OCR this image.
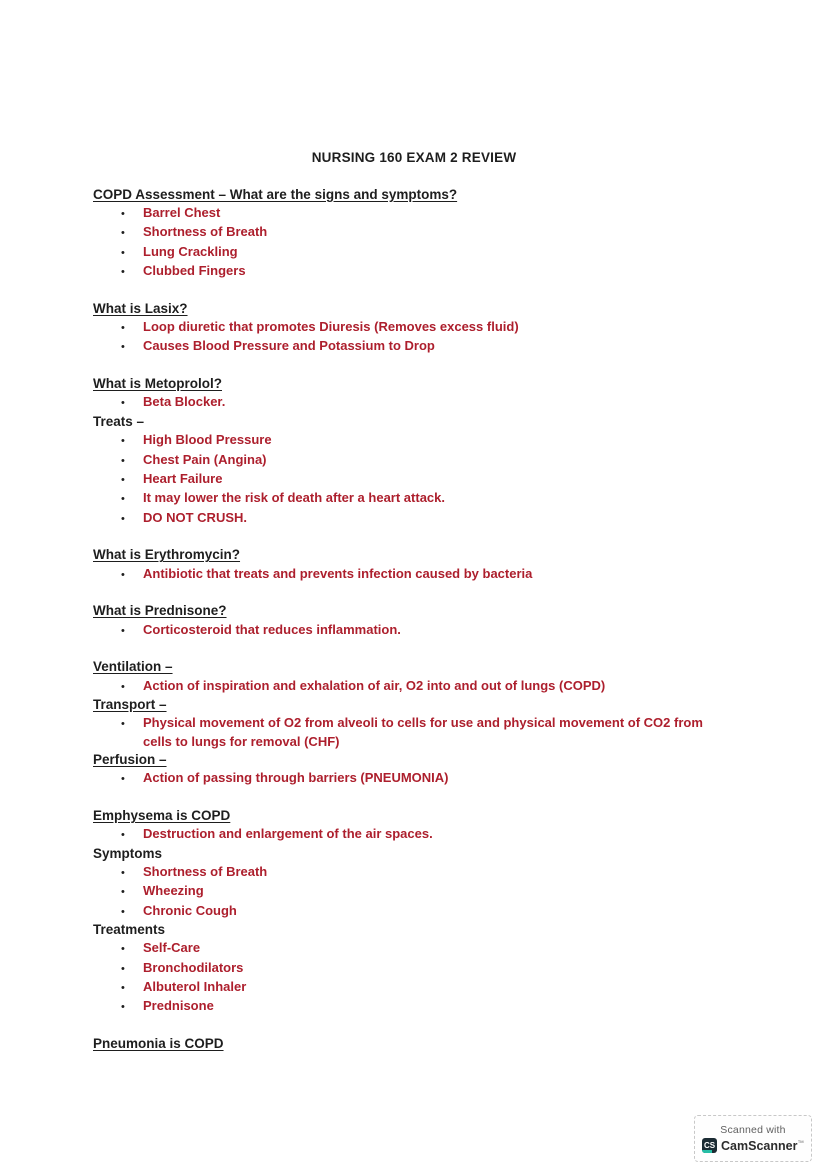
NURSING 160 EXAM 2 REVIEW
COPD Assessment – What are the signs and symptoms?
•	Barrel Chest
•	Shortness of Breath
•	Lung Crackling
•	Clubbed Fingers
What is Lasix?
•	Loop diuretic that promotes Diuresis (Removes excess fluid)
•	Causes Blood Pressure and Potassium to Drop
What is Metoprolol?
•	Beta Blocker.
Treats –
•	High Blood Pressure
•	Chest Pain (Angina)
•	Heart Failure
•	It may lower the risk of death after a heart attack.
•	DO NOT CRUSH.
What is Erythromycin?
•	Antibiotic that treats and prevents infection caused by bacteria
What is Prednisone?
•	Corticosteroid that reduces inflammation.
Ventilation –
•	Action of inspiration and exhalation of air, O2 into and out of lungs (COPD)
Transport –
•	Physical movement of O2 from alveoli to cells for use and physical movement of CO2 from cells to lungs for removal (CHF)
Perfusion –
•	Action of passing through barriers (PNEUMONIA)
Emphysema is COPD
•	Destruction and enlargement of the air spaces.
Symptoms
•	Shortness of Breath
•	Wheezing
•	Chronic Cough
Treatments
•	Self-Care
•	Bronchodilators
•	Albuterol Inhaler
•	Prednisone
Pneumonia is COPD
Scanned with
CS CamScanner™
